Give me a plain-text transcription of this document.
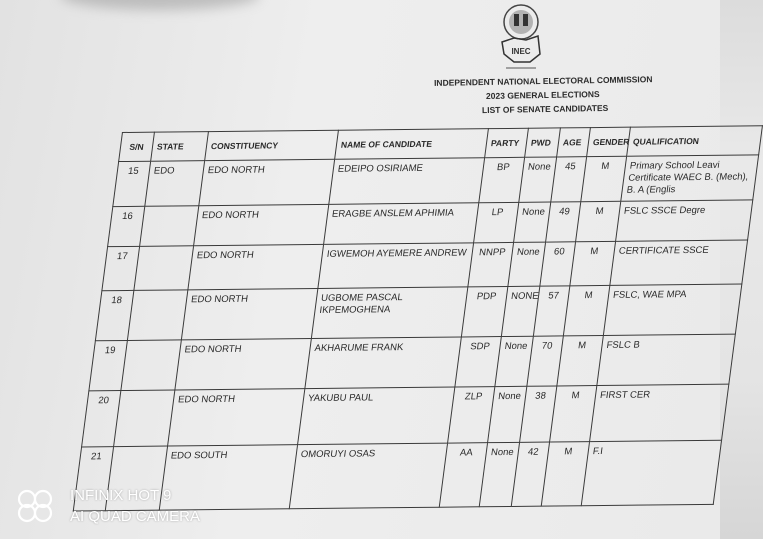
INEC
INDEPENDENT NATIONAL ELECTORAL COMMISSION
2023 GENERAL ELECTIONS
LIST OF SENATE CANDIDATES
S/N	STATE	CONSTITUENCY	NAME OF CANDIDATE	PARTY	PWD	AGE	GENDER	QUALIFICATION
15	EDO	EDO NORTH	EDEIPO OSIRIAME	BP	None	45	M	Primary School Leavi Certificate WAEC B. (Mech), B. A (Englis
16		EDO NORTH	ERAGBE ANSLEM APHIMIA	LP	None	49	M	FSLC SSCE Degre
17		EDO NORTH	IGWEMOH AYEMERE ANDREW	NNPP	None	60	M	CERTIFICATE SSCE
18		EDO NORTH	UGBOME PASCAL IKPEMOGHENA	PDP	NONE	57	M	FSLC, WAE MPA
19		EDO NORTH	AKHARUME FRANK	SDP	None	70	M	FSLC B
20		EDO NORTH	YAKUBU PAUL	ZLP	None	38	M	FIRST CER
21		EDO SOUTH	OMORUYI OSAS	AA	None	42	M	F.I
INFINIX HOT 9
AI QUAD CAMERA
